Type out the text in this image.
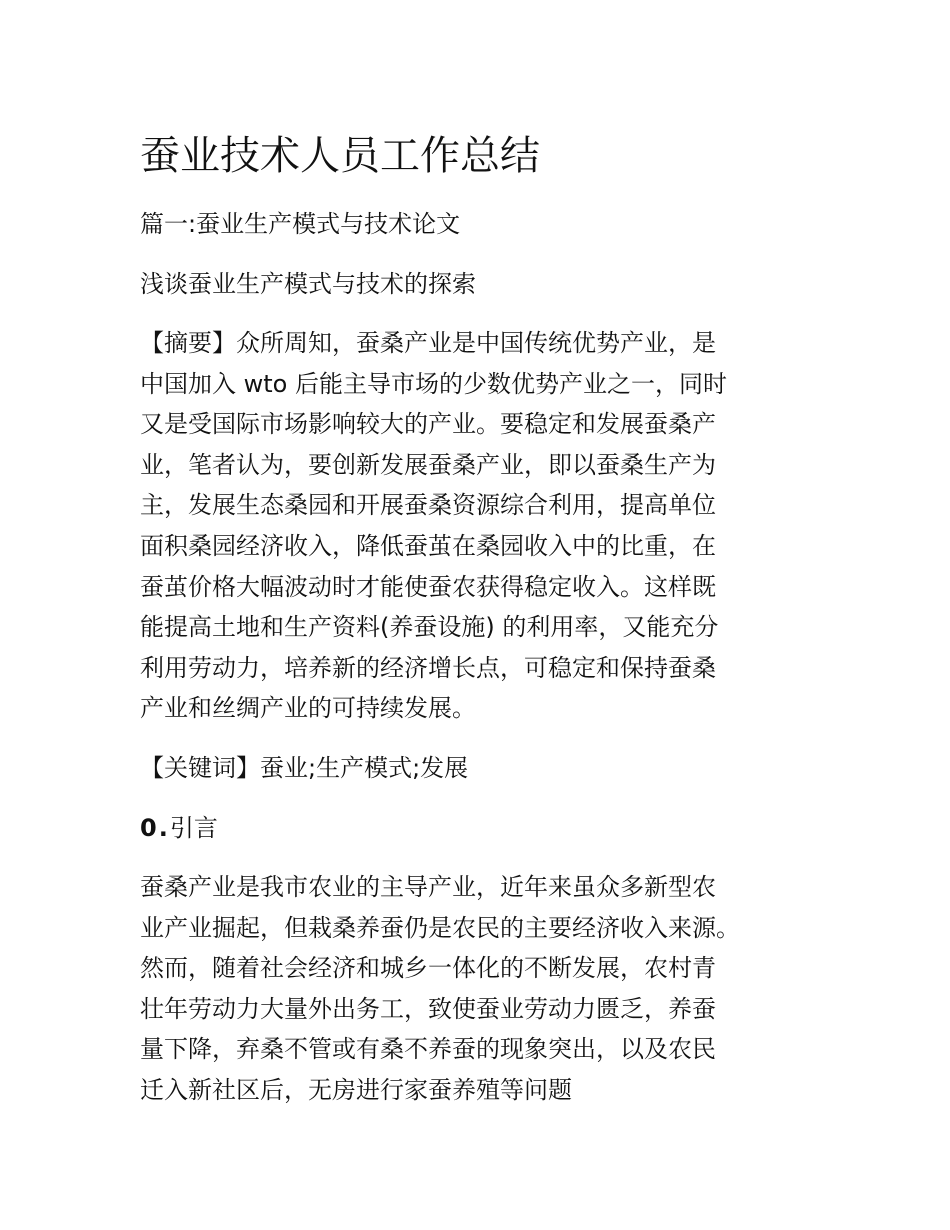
蚕业技术人员工作总结

篇一:蚕业生产模式与技术论文

浅谈蚕业生产模式与技术的探索

【摘要】众所周知，蚕桑产业是中国传统优势产业，是
中国加入 wto 后能主导市场的少数优势产业之一，同时
又是受国际市场影响较大的产业。要稳定和发展蚕桑产
业，笔者认为，要创新发展蚕桑产业，即以蚕桑生产为
主，发展生态桑园和开展蚕桑资源综合利用，提高单位
面积桑园经济收入，降低蚕茧在桑园收入中的比重，在
蚕茧价格大幅波动时才能使蚕农获得稳定收入。这样既
能提高土地和生产资料(养蚕设施) 的利用率，又能充分
利用劳动力，培养新的经济增长点，可稳定和保持蚕桑
产业和丝绸产业的可持续发展。

【关键词】蚕业;生产模式;发展

0.引言

蚕桑产业是我市农业的主导产业，近年来虽众多新型农
业产业掘起，但栽桑养蚕仍是农民的主要经济收入来源。
然而，随着社会经济和城乡一体化的不断发展，农村青
壮年劳动力大量外出务工，致使蚕业劳动力匮乏，养蚕
量下降，弃桑不管或有桑不养蚕的现象突出，以及农民
迁入新社区后，无房进行家蚕养殖等问题
